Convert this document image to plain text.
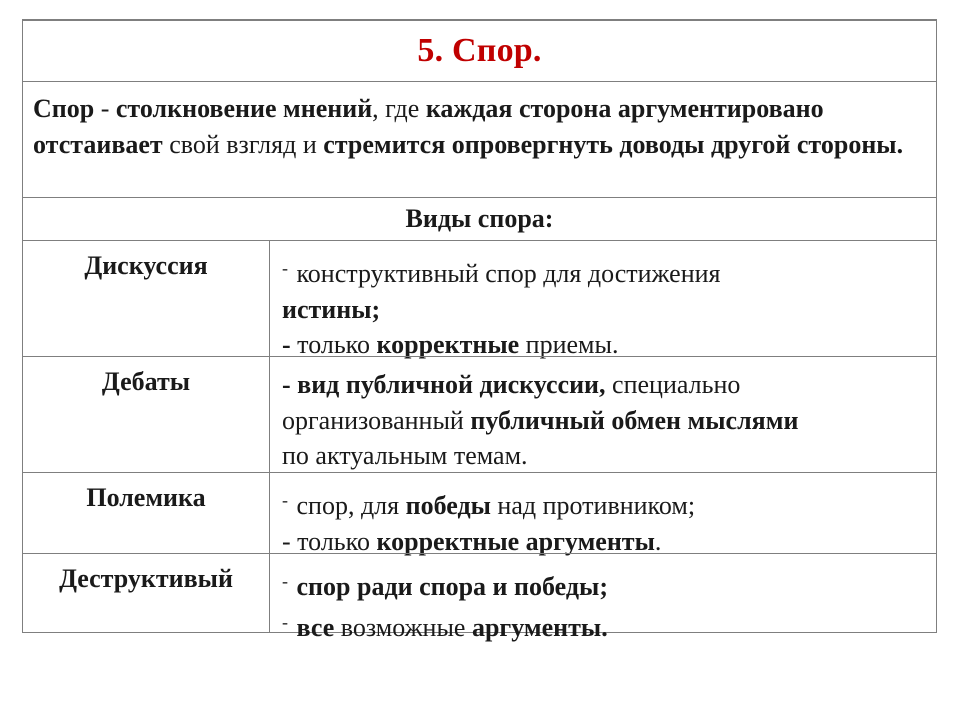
5. Спор.
Спор - столкновение мнений, где каждая сторона аргументировано отстаивает свой взгляд и стремится опровергнуть доводы другой стороны.
Виды спора:
Дискуссия	- конструктивный спор для достижения
истины;
- только корректные приемы.
Дебаты	- вид публичной дискуссии, специально
организованный публичный обмен мыслями
по актуальным темам.
Полемика	- спор, для победы над противником;
- только корректные аргументы.
Деструктивый	- спор ради спора и победы;
- все возможные аргументы.
